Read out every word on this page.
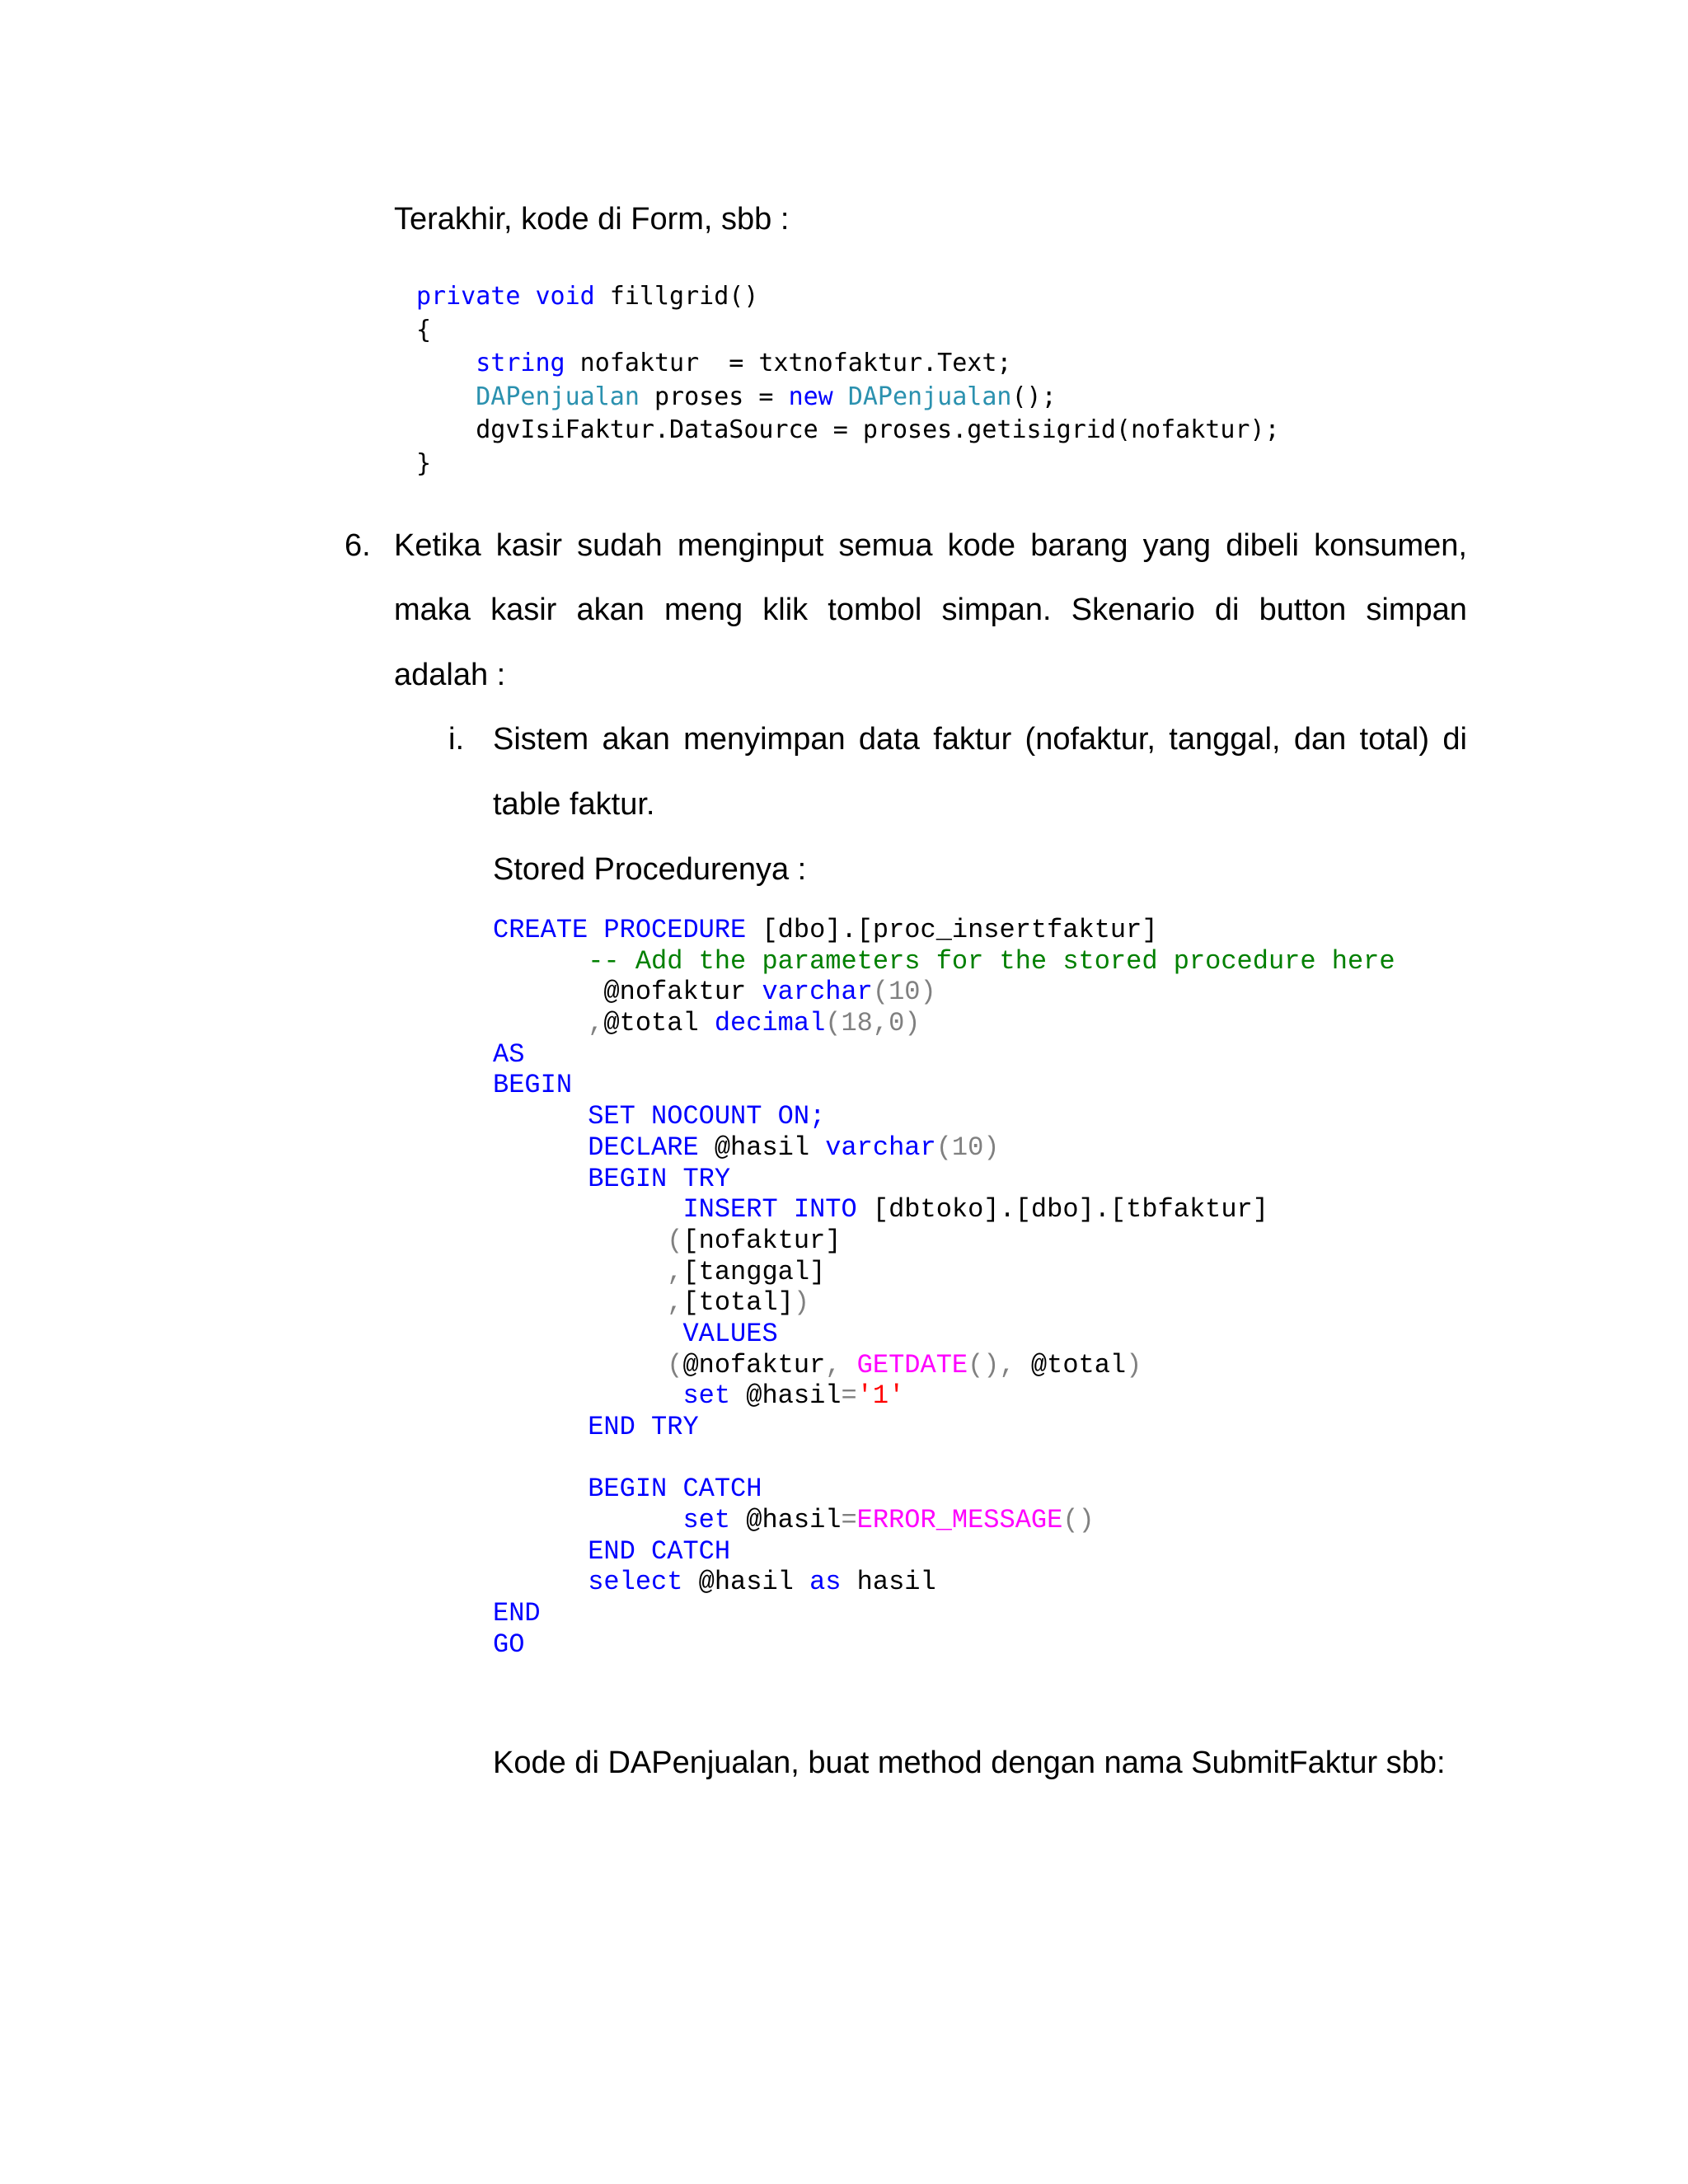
Terakhir, kode di Form, sbb :
private void fillgrid()
{
string nofaktur  = txtnofaktur.Text;
DAPenjualan proses = new DAPenjualan();
dgvIsiFaktur.DataSource = proses.getisigrid(nofaktur);
}
6. Ketika kasir sudah menginput semua kode barang yang dibeli konsumen,
maka kasir akan meng klik tombol simpan. Skenario di button simpan
adalah :
i. Sistem akan menyimpan data faktur (nofaktur, tanggal, dan total) di
table faktur.
Stored Procedurenya :
CREATE PROCEDURE [dbo].[proc_insertfaktur]
-- Add the parameters for the stored procedure here
@nofaktur varchar(10)
,@total decimal(18,0)
AS
BEGIN
SET NOCOUNT ON;
DECLARE @hasil varchar(10)
BEGIN TRY
INSERT INTO [dbtoko].[dbo].[tbfaktur]
([nofaktur]
,[tanggal]
,[total])
VALUES
(@nofaktur, GETDATE(), @total)
set @hasil='1'
END TRY

BEGIN CATCH
set @hasil=ERROR_MESSAGE()
END CATCH
select @hasil as hasil
END
GO
Kode di DAPenjualan, buat method dengan nama SubmitFaktur sbb:
